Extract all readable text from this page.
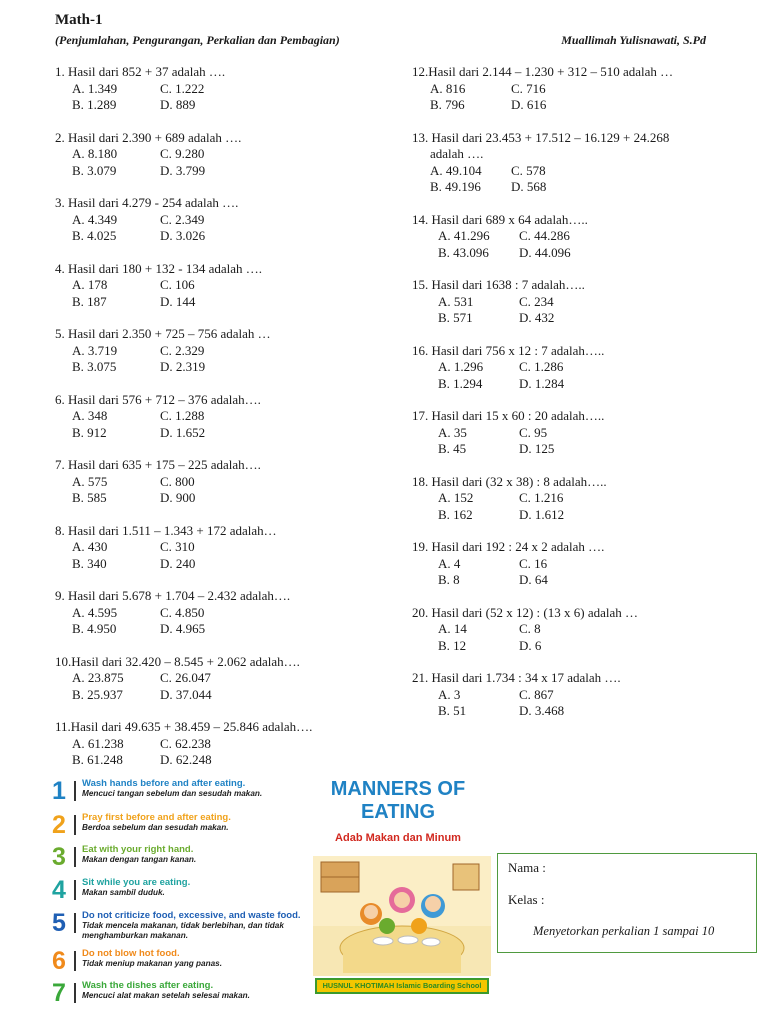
Math-1
(Penjumlahan, Pengurangan, Perkalian dan Pembagian)	Muallimah Yulisnawati, S.Pd
1. Hasil dari 852 + 37 adalah ….
A. 1.349	C. 1.222
B. 1.289	D. 889
2. Hasil dari 2.390 + 689 adalah ….
A. 8.180	C. 9.280
B. 3.079	D. 3.799
3. Hasil dari 4.279 - 254 adalah ….
A. 4.349	C. 2.349
B. 4.025	D. 3.026
4. Hasil dari 180 + 132 - 134 adalah ….
A. 178	C. 106
B. 187	D. 144
5. Hasil dari 2.350 + 725 – 756 adalah …
A. 3.719	C. 2.329
B. 3.075	D. 2.319
6. Hasil dari 576 + 712 – 376 adalah….
A. 348	C. 1.288
B. 912	D. 1.652
7. Hasil dari 635 + 175 – 225 adalah….
A. 575	C. 800
B. 585	D. 900
8. Hasil dari 1.511 – 1.343 + 172 adalah…
A. 430	C. 310
B. 340	D. 240
9. Hasil dari 5.678 + 1.704 – 2.432 adalah….
A. 4.595	C. 4.850
B. 4.950	D. 4.965
10.Hasil dari 32.420 – 8.545 + 2.062 adalah….
A. 23.875	C. 26.047
B. 25.937	D. 37.044
11.Hasil dari 49.635 + 38.459 – 25.846 adalah….
A. 61.238	C. 62.238
B. 61.248	D. 62.248
12.Hasil dari 2.144 – 1.230 + 312 – 510 adalah …
A. 816	C. 716
B. 796	D. 616
13. Hasil dari 23.453 + 17.512 – 16.129 + 24.268
adalah ….
A. 49.104	C. 578
B. 49.196	D. 568
14. Hasil dari 689 x 64 adalah…..
A. 41.296	C. 44.286
B. 43.096	D. 44.096
15. Hasil dari 1638 : 7 adalah…..
A. 531	C. 234
B. 571	D. 432
16. Hasil dari 756 x 12 : 7 adalah…..
A. 1.296	C. 1.286
B. 1.294	D. 1.284
17. Hasil dari 15 x 60 : 20 adalah…..
A. 35	C. 95
B. 45	D. 125
18. Hasil dari (32 x 38) : 8 adalah…..
A. 152	C. 1.216
B. 162	D. 1.612
19. Hasil dari 192 : 24 x 2 adalah ….
A. 4	C. 16
B. 8	D. 64
20. Hasil dari (52 x 12) : (13 x 6) adalah …
A. 14	C. 8
B. 12	D. 6
21. Hasil dari 1.734 : 34 x 17 adalah ….
A. 3	C. 867
B. 51	D. 3.468
1	Wash hands before and after eating.
Mencuci tangan sebelum dan sesudah makan.
2	Pray first before and after eating.
Berdoa sebelum dan sesudah makan.
3	Eat with your right hand.
Makan dengan tangan kanan.
4	Sit while you are eating.
Makan sambil duduk.
5	Do not criticize food, excessive, and waste food.
Tidak mencela makanan, tidak berlebihan, dan tidak
menghamburkan makanan.
6	Do not blow hot food.
Tidak meniup makanan yang panas.
7	Wash the dishes after eating.
Mencuci alat makan setelah selesai makan.
MANNERS OF
EATING
Adab Makan dan Minum
HUSNUL KHOTIMAH Islamic Boarding School
Nama :
Kelas :
Menyetorkan perkalian 1 sampai 10
